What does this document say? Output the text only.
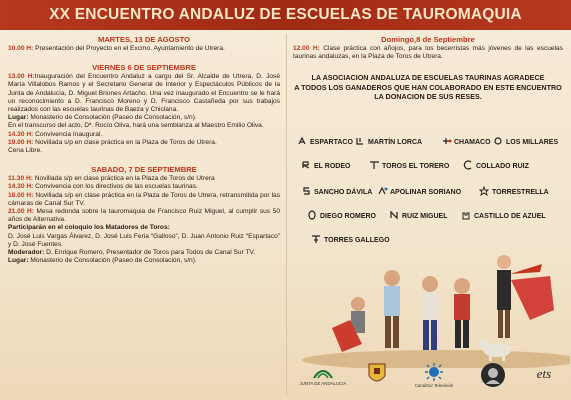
XX ENCUENTRO ANDALUZ DE ESCUELAS DE TAUROMAQUIA

MARTES, 13 DE AGOSTO

10.00 H: Presentación del Proyecto en el Excmo. Ayuntamiento de Utrera.

VIERNES 6 DE SEPTIEMBRE

13.00 H:Inauguración del Encuentro Andaluz a cargo del Sr. Alcalde de Utrera, D. José María Villalobos Ramos y el Secretario General de Interior y Espectáculos Públicos de la Junta de Andalucía, D. Miguel Briones Artacho. Una vez inaugurado el Encuentro se le hará un reconocimiento a D. Francisco Moreno y D. Francisco Castañeda por sus trabajos realizados con las escuelas taurinas de Baeza y Chiclana.

Lugar: Monasterio de Consolación (Paseo de Consolación, s/n).

En el transcurso del acto, Dª. Rocío Oliva, hará una semblanza al Maestro Emilio Oliva.

14.30 H: Convivencia Inaugural.

19.00 H: Novillada s/p en clase práctica en la Plaza de Toros de Utrera.

Cena Libre.

SABADO, 7 DE SEPTIEMBRE

11.30 H: Novillada s/p en clase práctica en la Plaza de Toros de Utrera

14.30 H: Convivencia con los directivos de las escuelas taurinas.

18.00 H: Novillada s/p en clase práctica en la Plaza de Toros de Utrera, retransmitida por las cámaras de Canal Sur TV.

21.00 H: Mesa redonda sobre la tauromaquia de Francisco Ruiz Miguel, al cumplir sus 50 años de Alternativa.

Participarán en el coloquio los Matadores de Toros:

D. José Luis Vargas Álvarez, D. José Luis Feria “Galloso”, D. Juan Antonio Ruiz “Espartaco” y D. José Fuentes.

Moderador: D. Enrique Romero, Presentador de Toros para Todos de Canal Sur TV.

Lugar: Monasterio de Consolación (Paseo de Consolación, s/n).

Domingo,8 de Septiembre

12.00 H: Clase práctica con añojos, para los becerristas más jóvenes de las escuelas taurinas andaluzas, en la Plaza de Toros de Utrera.

LA ASOCIACION ANDALUZA DE ESCUELAS TAURINAS AGRADECE

A TODOS LOS GANADEROS QUE HAN COLABORADO EN ESTE ENCUENTRO

LA DONACION DE SUS RESES.

ESPARTACO	MARTÍN LORCA	CHAMACO	LOS MILLARES
EL RODEO	TOROS EL TORERO	COLLADO RUIZ
SANCHO DÁVILA	APOLINAR SORIANO	TORRESTRELLA
DIEGO ROMERO	RUIZ MIGUEL	CASTILLO DE AZUEL
TORRES GALLEGO
JUNTA DE ANDALUCIA	CanalSur Televisión
ets
